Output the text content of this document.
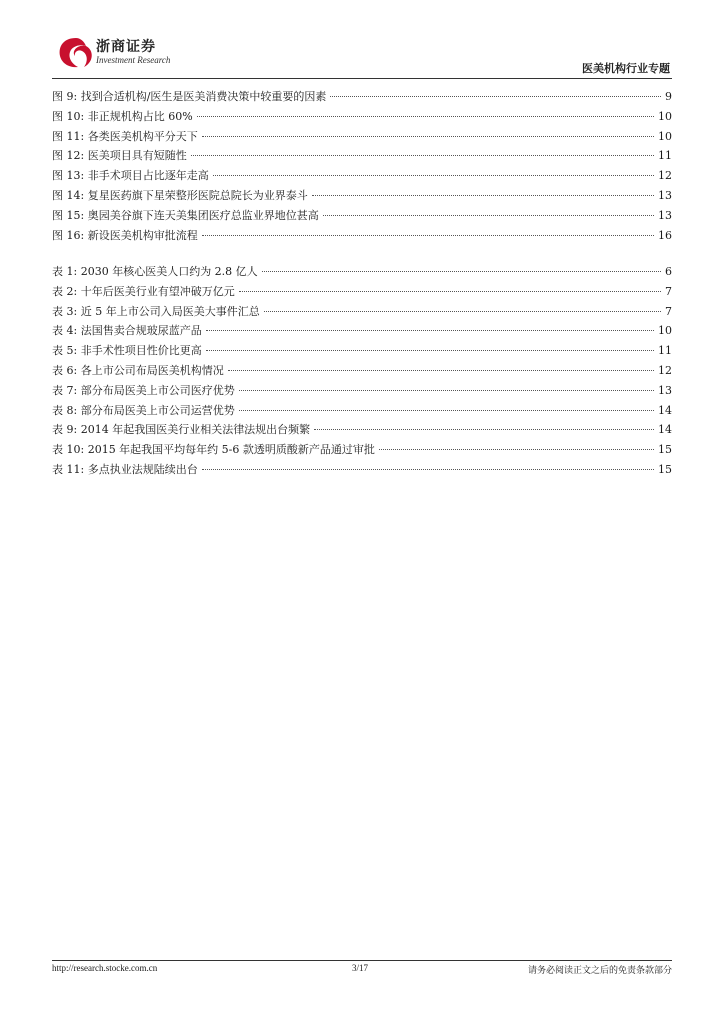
浙商证券
Investment Research
医美机构行业专题
图 9: 找到合适机构/医生是医美消费决策中较重要的因素	9
图 10: 非正规机构占比 60%	10
图 11: 各类医美机构平分天下	10
图 12: 医美项目具有短随性	11
图 13: 非手术项目占比逐年走高	12
图 14: 复星医药旗下星荣整形医院总院长为业界泰斗	13
图 15: 奥园美谷旗下连天美集团医疗总监业界地位甚高	13
图 16: 新设医美机构审批流程	16
表 1: 2030 年核心医美人口约为 2.8 亿人	6
表 2: 十年后医美行业有望冲破万亿元	7
表 3: 近 5 年上市公司入局医美大事件汇总	7
表 4: 法国售卖合规玻尿蓝产品	10
表 5: 非手术性项目性价比更高	11
表 6: 各上市公司布局医美机构情况	12
表 7: 部分布局医美上市公司医疗优势	13
表 8: 部分布局医美上市公司运营优势	14
表 9: 2014 年起我国医美行业相关法律法规出台频繁	14
表 10: 2015 年起我国平均每年约 5-6 款透明质酸新产品通过审批	15
表 11: 多点执业法规陆续出台	15
http://research.stocke.com.cn	3/17	请务必阅读正文之后的免责条款部分
